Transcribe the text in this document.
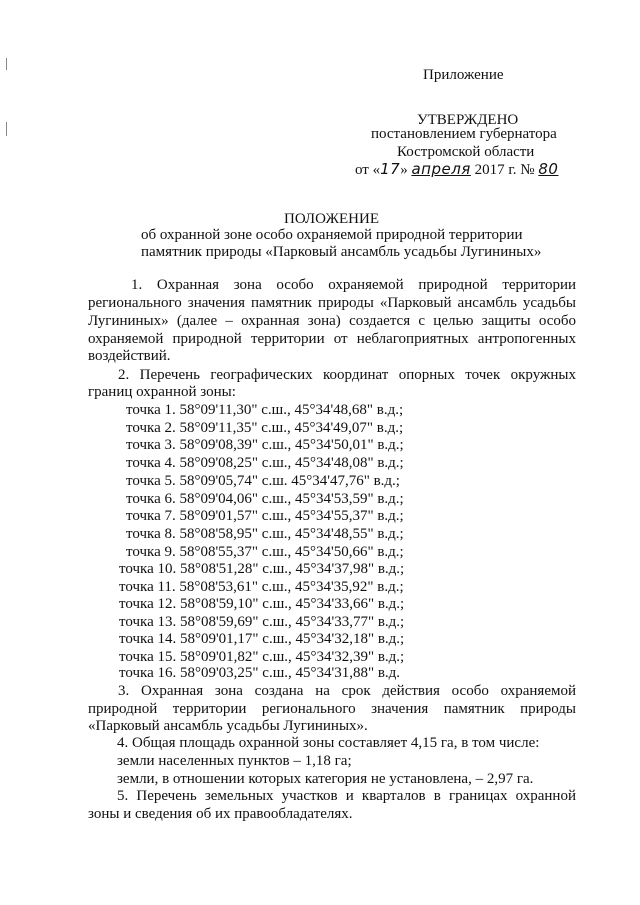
Приложение
УТВЕРЖДЕНО
постановлением губернатора
Костромской области
от «17» апреля 2017 г. № 80
ПОЛОЖЕНИЕ
об охранной зоне особо охраняемой природной территории
памятник природы «Парковый ансамбль усадьбы Лугининых»
1. Охранная зона особо охраняемой природной территории
регионального значения памятник природы «Парковый ансамбль усадьбы
Лугининых» (далее – охранная зона) создается с целью защиты особо
охраняемой природной территории от неблагоприятных антропогенных
воздействий.
2. Перечень географических координат опорных точек окружных
границ охранной зоны:
точка 1. 58°09'11,30" с.ш., 45°34'48,68" в.д.;
точка 2. 58°09'11,35" с.ш., 45°34'49,07" в.д.;
точка 3. 58°09'08,39" с.ш., 45°34'50,01" в.д.;
точка 4. 58°09'08,25" с.ш., 45°34'48,08" в.д.;
точка 5. 58°09'05,74" с.ш. 45°34'47,76" в.д.;
точка 6. 58°09'04,06" с.ш., 45°34'53,59" в.д.;
точка 7. 58°09'01,57" с.ш., 45°34'55,37" в.д.;
точка 8. 58°08'58,95" с.ш., 45°34'48,55" в.д.;
точка 9. 58°08'55,37" с.ш., 45°34'50,66" в.д.;
точка 10. 58°08'51,28" с.ш., 45°34'37,98" в.д.;
точка 11. 58°08'53,61" с.ш., 45°34'35,92" в.д.;
точка 12. 58°08'59,10" с.ш., 45°34'33,66" в.д.;
точка 13. 58°08'59,69" с.ш., 45°34'33,77" в.д.;
точка 14. 58°09'01,17" с.ш., 45°34'32,18" в.д.;
точка 15. 58°09'01,82" с.ш., 45°34'32,39" в.д.;
точка 16. 58°09'03,25" с.ш., 45°34'31,88" в.д.
3. Охранная зона создана на срок действия особо охраняемой
природной территории регионального значения памятник природы
«Парковый ансамбль усадьбы Лугининых».
4. Общая площадь охранной зоны составляет 4,15 га, в том числе:
земли населенных пунктов – 1,18 га;
земли, в отношении которых категория не установлена, – 2,97 га.
5. Перечень земельных участков и кварталов в границах охранной
зоны и сведения об их правообладателях.
